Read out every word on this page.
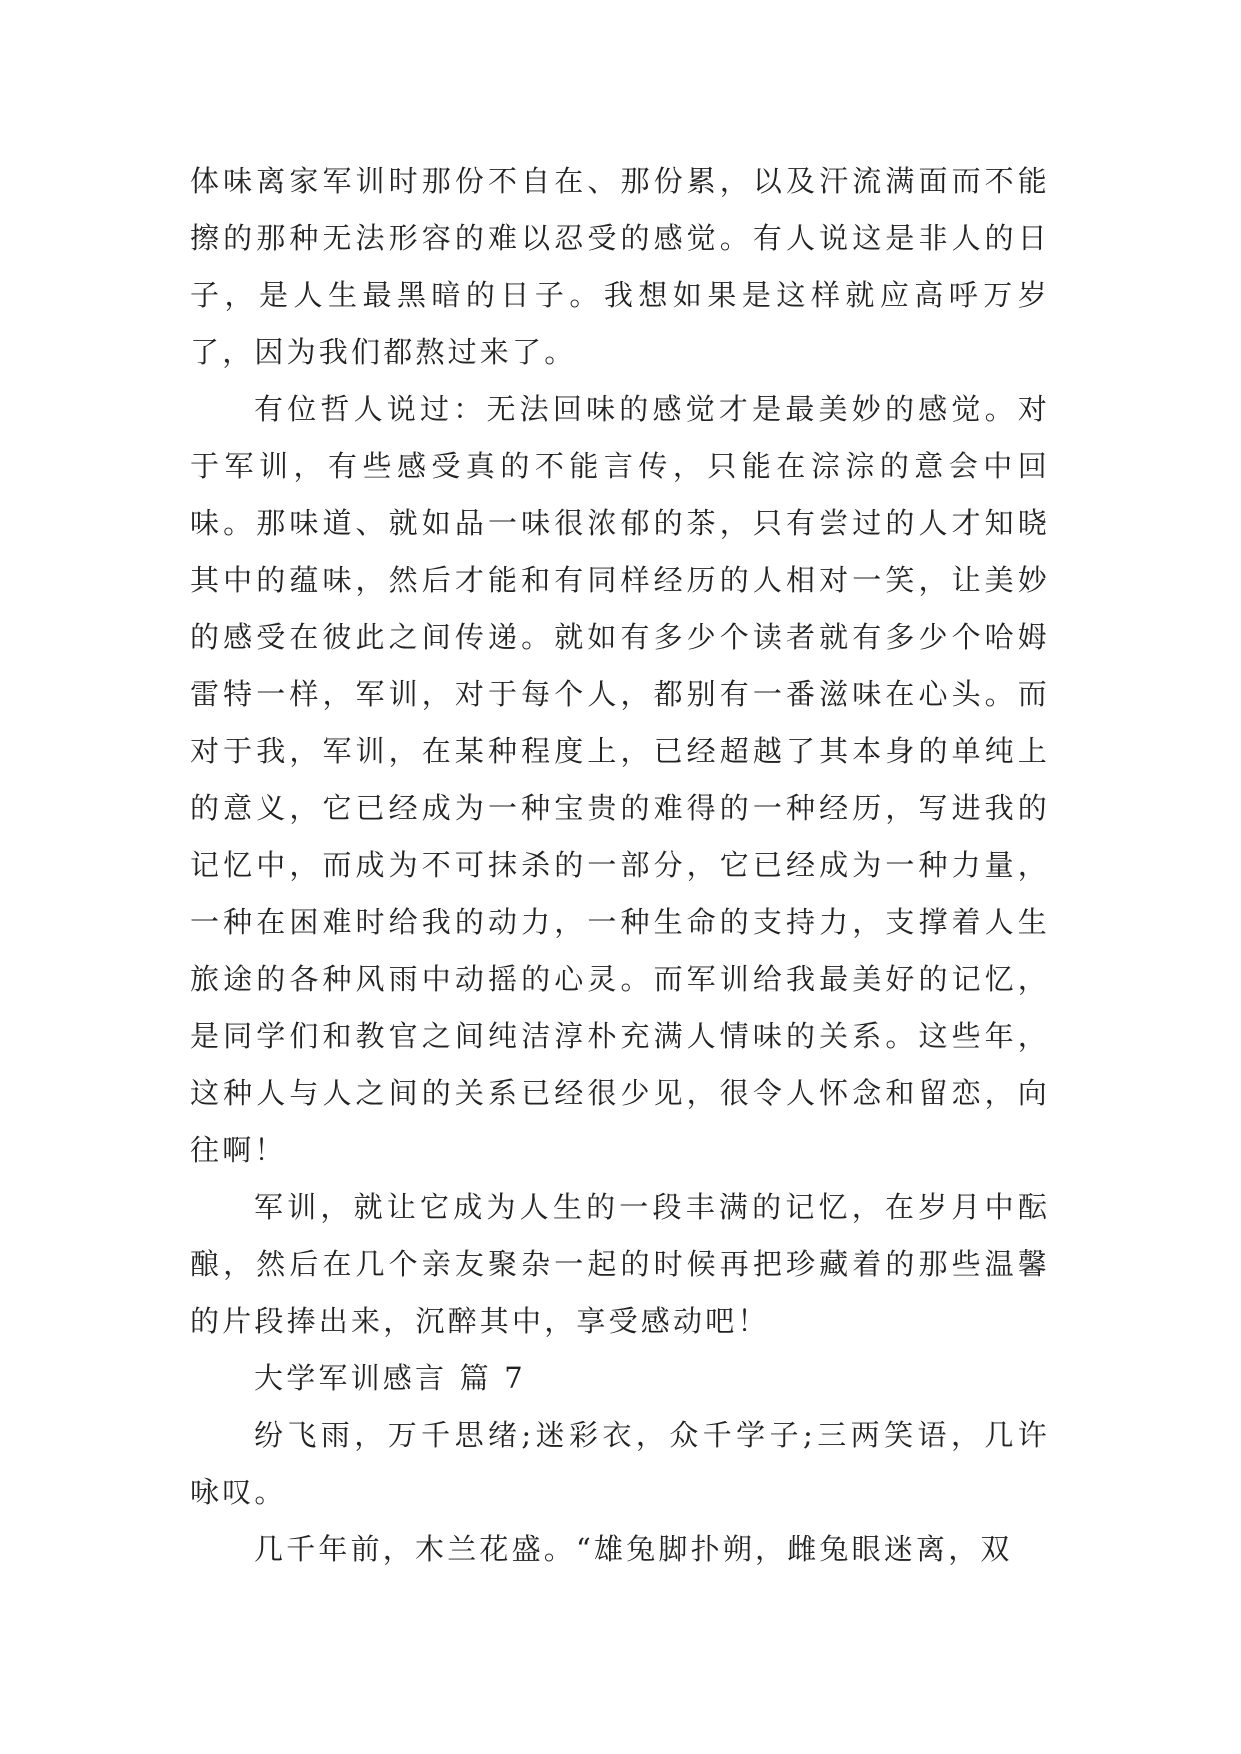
体味离家军训时那份不自在、那份累，以及汗流满面而不能擦的那种无法形容的难以忍受的感觉。有人说这是非人的日子，是人生最黑暗的日子。我想如果是这样就应高呼万岁了，因为我们都熬过来了。

有位哲人说过：无法回味的感觉才是最美妙的感觉。对于军训，有些感受真的不能言传，只能在淙淙的意会中回味。那味道、就如品一味很浓郁的茶，只有尝过的人才知晓其中的蕴味，然后才能和有同样经历的人相对一笑，让美妙的感受在彼此之间传递。就如有多少个读者就有多少个哈姆雷特一样，军训，对于每个人，都别有一番滋味在心头。而对于我，军训，在某种程度上，已经超越了其本身的单纯上的意义，它已经成为一种宝贵的难得的一种经历，写进我的记忆中，而成为不可抹杀的一部分，它已经成为一种力量，一种在困难时给我的动力，一种生命的支持力，支撑着人生旅途的各种风雨中动摇的心灵。而军训给我最美好的记忆，是同学们和教官之间纯洁淳朴充满人情味的关系。这些年，这种人与人之间的关系已经很少见，很令人怀念和留恋，向往啊！

军训，就让它成为人生的一段丰满的记忆，在岁月中酝酿，然后在几个亲友聚杂一起的时候再把珍藏着的那些温馨的片段捧出来，沉醉其中，享受感动吧！

大学军训感言 篇 7

纷飞雨，万千思绪;迷彩衣，众千学子;三两笑语，几许咏叹。

几千年前，木兰花盛。“雄兔脚扑朔，雌兔眼迷离，双
